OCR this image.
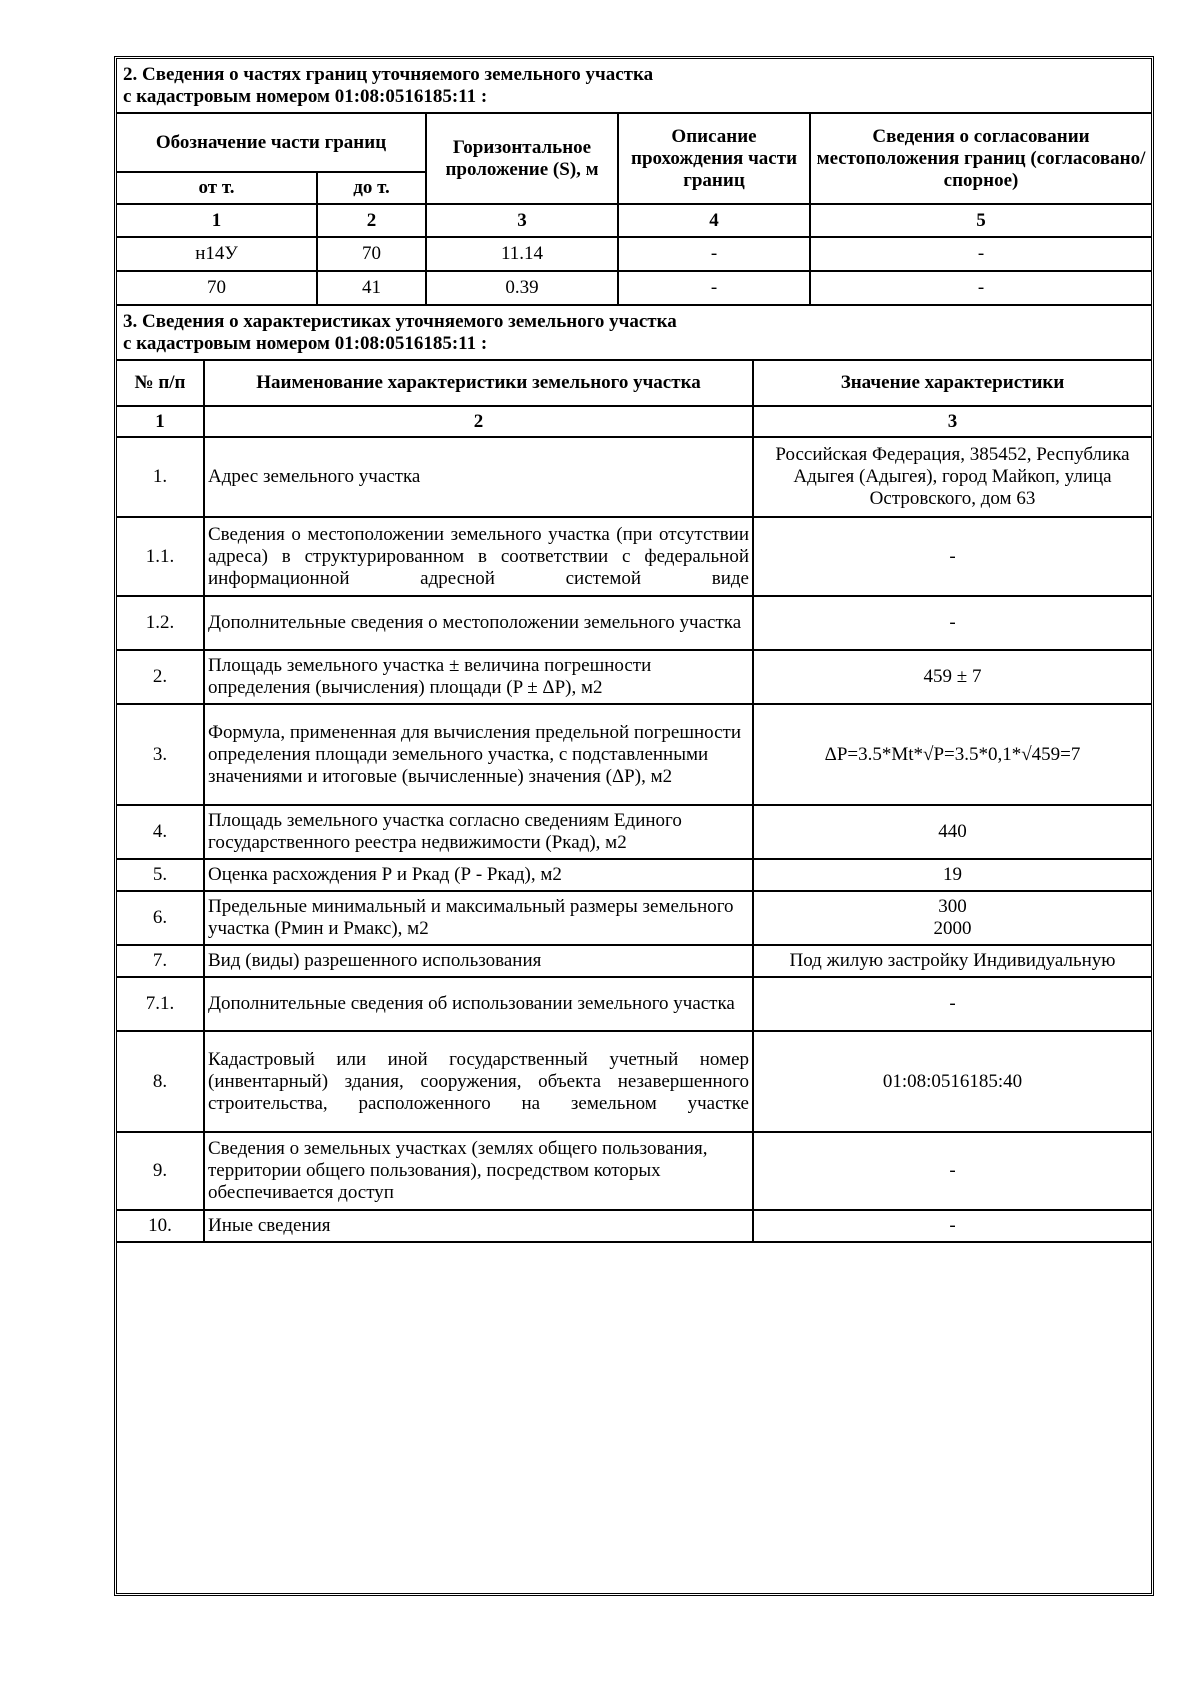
2. Сведения о частях границ уточняемого земельного участка
с кадастровым номером 01:08:0516185:11 :
Обозначение части границ		Горизонтальное проложение (S), м	Описание прохождения части границ	Сведения о согласовании местоположения границ (согласовано/спорное)
от т.	до т.			
1	2	3	4	5
н14У	70	11.14	-	-
70	41	0.39	-	-
3. Сведения о характеристиках уточняемого земельного участка
с кадастровым номером 01:08:0516185:11 :
№ п/п	Наименование характеристики земельного участка	Значение характеристики
1	2	3
1.	Адрес земельного участка	Российская Федерация, 385452, Республика Адыгея (Адыгея), город Майкоп, улица Островского, дом 63
1.1.	Сведения о местоположении земельного участка (при отсутствии адреса) в структурированном в соответствии с федеральной информационной адресной системой виде	-
1.2.	Дополнительные сведения о местоположении земельного участка	-
2.	Площадь земельного участка ± величина погрешности определения (вычисления) площади (P ± ΔP), м2	459 ± 7
3.	Формула, примененная для вычисления предельной погрешности определения площади земельного участка, с подставленными значениями и итоговые (вычисленные) значения (ΔP), м2	ΔP=3.5*Mt*√P=3.5*0,1*√459=7
4.	Площадь земельного участка согласно сведениям Единого государственного реестра недвижимости (Ркад), м2	440
5.	Оценка расхождения Р и Ркад (Р - Ркад), м2	19
6.	Предельные минимальный и максимальный размеры земельного участка (Рмин и Рмакс), м2	300
2000

7.	Вид (виды) разрешенного использования	Под жилую застройку Индивидуальную
7.1.	Дополнительные сведения об использовании земельного участка	-
8.	Кадастровый или иной государственный учетный номер (инвентарный) здания, сооружения, объекта незавершенного строительства, расположенного на земельном участке	01:08:0516185:40
9.	Сведения о земельных участках (землях общего пользования, территории общего пользования), посредством которых обеспечивается доступ	-
10.	Иные сведения	-
